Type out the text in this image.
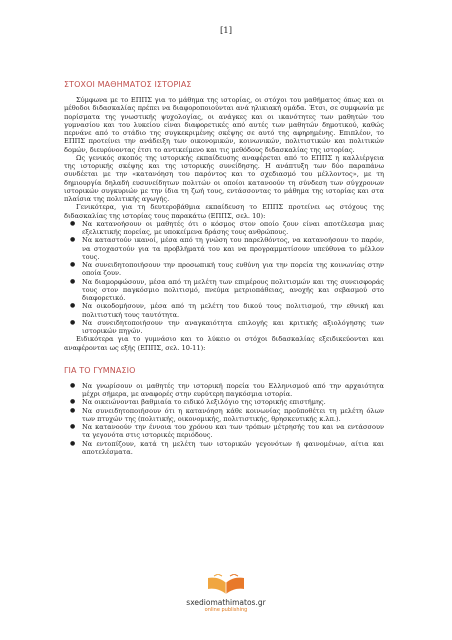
[1]
ΣΤΟΧΟΙ ΜΑΘΗΜΑΤΟΣ ΙΣΤΟΡΙΑΣ

Σύμφωνα με το ΕΠΠΣ για το μάθημα της ιστορίας, οι στόχοι του μαθήματος όπως και οι μέθοδοι διδασκαλίας πρέπει να διαφοροποιούνται ανά ηλικιακή ομάδα. Έτσι, σε συμφωνία με πορίσματα της γνωστικής ψυχολογίας, οι ανάγκες και οι ικανότητες των μαθητών του γυμνασίου και του λυκείου είναι διαφορετικές από αυτές των μαθητών δημοτικού, καθώς περνάνε από το στάδιο της συγκεκριμένης σκέψης σε αυτό της αφηρημένης. Επιπλέον, το ΕΠΠΣ προτείνει την ανάδειξη των οικονομικών, κοινωνικών, πολιτιστικών και πολιτικών δομών, διευρύνοντας έτσι το αντικείμενο και τις μεθόδους διδασκαλίας της ιστορίας.

Ως γενικός σκοπός της ιστορικής εκπαίδευσης αναφέρεται από το ΕΠΠΣ η καλλιέργεια της ιστορικής σκέψης και της ιστορικής συνείδησης. Η ανάπτυξη των δύο παραπάνω συνδέεται με την «κατανόηση του παρόντος και το σχεδιασμό του μέλλοντος», με τη δημιουργία δηλαδή ευσυνείδητων πολιτών οι οποίοι κατανοούν τη σύνδεση των σύγχρονων ιστορικών συγκυριών με την ίδια τη ζωή τους, εντάσσοντας το μάθημα της ιστορίας και στα πλαίσια της πολιτικής αγωγής.

Γενικότερα, για τη δευτεροβάθμια εκπαίδευση το ΕΠΠΣ προτείνει ως στόχους της διδασκαλίας της ιστορίας τους παρακάτω (ΕΠΠΣ, σελ. 10):

● Να κατανοήσουν οι μαθητές ότι ο κόσμος στον οποίο ζουν είναι αποτέλεσμα μιας εξελικτικής πορείας, με υποκείμενα δράσης τους ανθρώπους.
● Να καταστούν ικανοί, μέσα από τη γνώση του παρελθόντος, να κατανοήσουν το παρόν, να στοχαστούν για τα προβλήματά του και να προγραμματίσουν υπεύθυνα το μέλλον τους.
● Να συνειδητοποιήσουν την προσωπική τους ευθύνη για την πορεία της κοινωνίας στην οποία ζουν.
● Να διαμορφώσουν, μέσα από τη μελέτη των επιμέρους πολιτισμών και της συνεισφοράς τους στον παγκόσμιο πολιτισμό, πνεύμα μετριοπάθειας, ανοχής και σεβασμού στο διαφορετικό.
● Να οικοδομήσουν, μέσα από τη μελέτη του δικού τους πολιτισμού, την εθνική και πολιτιστική τους ταυτότητα.
● Να συνειδητοποιήσουν την αναγκαιότητα επιλογής και κριτικής αξιολόγησης των ιστορικών πηγών.

Ειδικότερα για το γυμνάσιο και το λύκειο οι στόχοι διδασκαλίας εξειδικεύονται και αναφέρονται ως εξής (ΕΠΠΣ, σελ. 10-11):

ΓΙΑ ΤΟ ΓΥΜΝΑΣΙΟ
● Να γνωρίσουν οι μαθητές την ιστορική πορεία του Ελληνισμού από την αρχαιότητα μέχρι σήμερα, με αναφορές στην ευρύτερη παγκόσμια ιστορία.
● Να οικειώνονται βαθμιαία το ειδικό λεξιλόγιο της ιστορικής επιστήμης.
● Να συνειδητοποιήσουν ότι η κατανόηση κάθε κοινωνίας προϋποθέτει τη μελέτη όλων των πτυχών της (πολιτικής, οικονομικής, πολιτιστικής, θρησκευτικής κ.λπ.).
● Να κατανοούν την έννοια του χρόνου και των τρόπων μέτρησής του και να εντάσσουν τα γεγονότα στις ιστορικές περιόδους.
● Να εντοπίζουν, κατά τη μελέτη των ιστορικών γεγονότων ή φαινομένων, αίτια και αποτελέσματα.
sxediomathimatos.gr
online publishing
